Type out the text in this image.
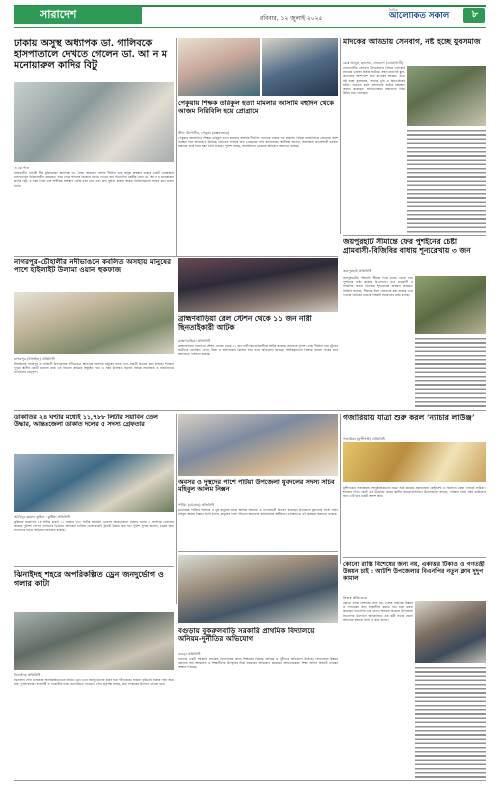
সারাদেশ	রবিবার, ১২ জুলাই ২০২৫
দৈনিক
আলোকিত সকাল	৮
ঢাকায় অসুস্থ অধ্যাপক ডা. গালিবকে হাসপাতালে দেখতে গেলেন ডা. আ ন ম মনোয়ারুল কাদির বিটু
এ কে পাল
রাজবাড়ীর এলাকী বীর মুক্তিযোদ্ধা অধ্যাপক ডা. সৈয়দ আহমেদ গালিব দীর্ঘদিন ধরে অসুস্থ অবস্থায় ঢাকার একটি বেসরকারি হাসপাতালে চিকিৎসাধীন রয়েছেন। খবর পেয়ে শনিবার বিকেলে তাকে দেখতে যান বিএনপির কেন্দ্রীয় নেতা ডা. আ ন ম মনোয়ারুল কাদির বিটু। এ সময় তিনি তার শারীরিক অবস্থার খোঁজ-খবর নেন এবং দ্রুত সুস্থতা কামনা করেন। চিকিৎসকদের সঙ্গেও কথা বলেন তিনি।
পেকুয়ায় শিক্ষক তরিকুল হত্যা মামলার আসামি বহুদিন থেকে আজম নিরিবিলি হয়ে প্রোগ্রামে
স্টাফ রিপোর্টার, পেকুয়া (কক্সবাজার)
পেকুয়ায় আলোচিত শিক্ষক তরিকুল হত্যা মামলার আসামি দীর্ঘদিন পলাতক থাকার পর প্রকাশ্যে বিভিন্ন রাজনৈতিক প্রোগ্রামে অংশ নিচ্ছেন বলে অভিযোগ উঠেছে। নিহতের পরিবার দ্রুত গ্রেপ্তারের দাবি জানিয়েছে। স্থানীয়রা জানান, আসামিরা প্রভাবশালী হওয়ায় মামলার তদন্ত নিয়ে শঙ্কা তৈরি হয়েছে। পুলিশ বলছে, আসামিদের গ্রেপ্তারে অভিযান অব্যাহত রয়েছে।
মাদকের আড্ডায় সেনবাগ, নষ্ট হচ্ছে যুবসমাজ
মোঃ আবুল হোসেন, সেনবাগ (নোয়াখালী)
নোয়াখালীর সেনবাগ উপজেলার বিভিন্ন এলাকায় মাদকের ভয়াবহ বিস্তার ঘটেছে। সন্ধ্যা নামলেই স্কুল-কলেজের আশপাশে বসে মাদকের আড্ডা। এতে নষ্ট হচ্ছে যুবসমাজ, বাড়ছে চুরি ও ছিনতাইয়ের ঘটনা। সচেতন মহল প্রশাসনের কঠোর হস্তক্ষেপ কামনা করেছেন। অভিভাবকরা সন্তানদের নিয়ে উদ্বিগ্ন হয়ে পড়েছেন।
জয়পুরহাট সীমান্তে ফের পুশইনের চেষ্টা গ্রামবাসী-বিজিবির বাধায় শূন্যরেখায় ৩ জন
জয়পুরহাট প্রতিনিধি
জয়পুরহাটের পাঁচবিবি সীমান্ত দিয়ে ভারত থেকে ফের পুশইনের চেষ্টা করেছে বিএসএফ। তবে গ্রামবাসী ও বিজিবির বাধায় তিনজন শূন্যরেখায় অবস্থান করছেন। বিজিবি জানায়, সীমান্তে টহল জোরদার করা হয়েছে এবং পতাকা বৈঠকের মাধ্যমে বিষয়টি সমাধানের চেষ্টা চলছে।
নাগরপুর-চৌহালীর নদীভাঙনে কবলিত অসহায় মানুষের পাশে হাইলাইট উলামা ওয়ান হুকফাজ
নাগরপুর (টাঙ্গাইল) প্রতিনিধি
টাঙ্গাইলের নাগরপুর ও চৌহালী উপজেলার নদীভাঙনে ক্ষতিগ্রস্ত অসহায় মানুষের মাঝে খাদ্য সামগ্রী বিতরণ করা হয়েছে। শনিবার দুপুরে স্থানীয় একটি মাদ্রাসা মাঠে এই বিতরণ কার্যক্রম অনুষ্ঠিত হয়। এ সময় উপস্থিত ছিলেন বিভিন্ন সামাজিক ও রাজনৈতিক সংগঠনের নেতৃবৃন্দ।
ব্রাহ্মণবাড়িয়া রেল স্টেশন থেকে ১১ জন নারী ছিনতাইকারী আটক
ব্রাহ্মণবাড়িয়া প্রতিনিধি
ব্রাহ্মণবাড়িয়া রেলওয়ে স্টেশন এলাকা থেকে ১১ জন নারী ছিনতাইকারীকে আটক করেছে রেলওয়ে পুলিশ। তারা দীর্ঘদিন ধরে ট্রেনের যাত্রীদের মোবাইল ফোন, টাকা ও স্বর্ণালংকার ছিনিয়ে নিত বলে অভিযোগ রয়েছে। আটককৃতদের বিরুদ্ধে মামলা দায়ের করে আদালতে পাঠানো হয়েছে।
ডাকাতির ২৪ ঘণ্টার মধ্যেই ১১,৭৮৮ লিটার সয়াবিন তেল উদ্ধার, আন্তঃজেলা ডাকাত দলের ৫ সদস্য গ্রেফতার
আবিদুর রহমান তুহিন : কুষ্টিয়া প্রতিনিধি
কুষ্টিয়ায় ডাকাতির ২৪ ঘণ্টার মধ্যেই ১১ হাজার ৭৮৮ লিটার সয়াবিন তেলসহ আন্তঃজেলা ডাকাত দলের ৫ সদস্যকে গ্রেফতার করেছে পুলিশ। গোপন সংবাদের ভিত্তিতে অভিযান চালিয়ে তেলবোঝাই ট্রাকটি উদ্ধার করা হয়। পুলিশ সুপার জানান, চক্রের অন্য সদস্যদের ধরতে অভিযান অব্যাহত রয়েছে।
অবসর ও দুস্থদের পাশে পটিয়া উপজেলা যুবদলের সদস্য সচিব মহিবুল আলম নিক্সন
পটিয়া (চট্টগ্রাম) প্রতিনিধি
চট্টগ্রামের পটিয়ায় অসহায় ও দুস্থ মানুষের মাঝে আর্থিক সহায়তা ও খাদ্যসামগ্রী বিতরণ করেছেন উপজেলা যুবদলের সদস্য সচিব মহিবুল আলম নিক্সন। তিনি বলেন, মানুষের পাশে দাঁড়ানো আমাদের রাজনৈতিক অঙ্গীকার। ভবিষ্যতেও এই কার্যক্রম অব্যাহত থাকবে।
গজারিয়ায় যাত্রা শুরু করল ‘ন্যাচার লাউঞ্জ’
গজারিয়া (মুন্সীগঞ্জ) প্রতিনিধি
মুন্সীগঞ্জের গজারিয়ায় আনুষ্ঠানিকভাবে যাত্রা শুরু করেছে প্রকৃতিঘেরা রেস্টুরেন্ট ও বিনোদন কেন্দ্র ‘ন্যাচার লাউঞ্জ’। শনিবার ফিতা কেটে এর উদ্বোধন করেন স্থানীয় জনপ্রতিনিধিরা। উদ্যোক্তারা জানান, পরিবার নিয়ে সময় কাটানোর জন্য এটি হবে একটি আদর্শ স্থান।
ঝিনাইদহ শহরে অপরিকল্পিত ড্রেন জনদুর্ভোগ ও গলার কাটা
ঝিনাইদহ প্রতিনিধি
ঝিনাইদহ পৌর এলাকায় অপরিকল্পিতভাবে নির্মিত ড্রেন এখন জনদুর্ভোগের কারণ হয়ে দাঁড়িয়েছে। সামান্য বৃষ্টিতেই রাস্তায় পানি জমে যায়, দুর্গন্ধ ছড়ায়। ব্যবসায়ী ও পথচারীরা চরম ভোগান্তিতে পড়ছেন। পৌর কর্তৃপক্ষ বলছে, দ্রুত সংস্কারের উদ্যোগ নেওয়া হবে।
বগুড়ায় বুকরুলবাড়ি সরকারি প্রাথমিক বিদ্যালয়ে অনিয়ম-দুর্নীতির অভিযোগ
বগুড়া প্রতিনিধি
বগুড়ার একটি সরকারি প্রাথমিক বিদ্যালয়ের প্রধান শিক্ষকের বিরুদ্ধে অনিয়ম ও দুর্নীতির অভিযোগ উঠেছে। বিদ্যালয়ের উন্নয়ন বরাদ্দের অর্থ আত্মসাৎ ও শিক্ষার্থীদের উপবৃত্তির টাকা নয়ছয়ের অভিযোগ করেছেন অভিভাবকরা। শিক্ষা অফিস বিষয়টি তদন্তের আশ্বাস দিয়েছে।
কোনো রাস্তি বিশেষের জন্য নয়, একাত্তর টিকাও ও গণতন্ত্রী উন্নয়ন চাই : আটশি উপজেলার বিএনপির নতুন ক্লাব দুদুপ কামাল
নিজস্ব প্রতিবেদক
কোনো ব্যক্তি বিশেষের জন্য নয়, দেশের সামগ্রিক উন্নয়ন ও গণতন্ত্রের জন্য রাজনীতি করতে হবে বলে মন্তব্য করেছেন বিএনপির এক নেতা। শনিবার বিকেলে উপজেলা বিএনপির উদ্যোগে আয়োজিত এক কর্মী সভায় প্রধান অতিথির বক্তব্যে তিনি এ কথা বলেন।
